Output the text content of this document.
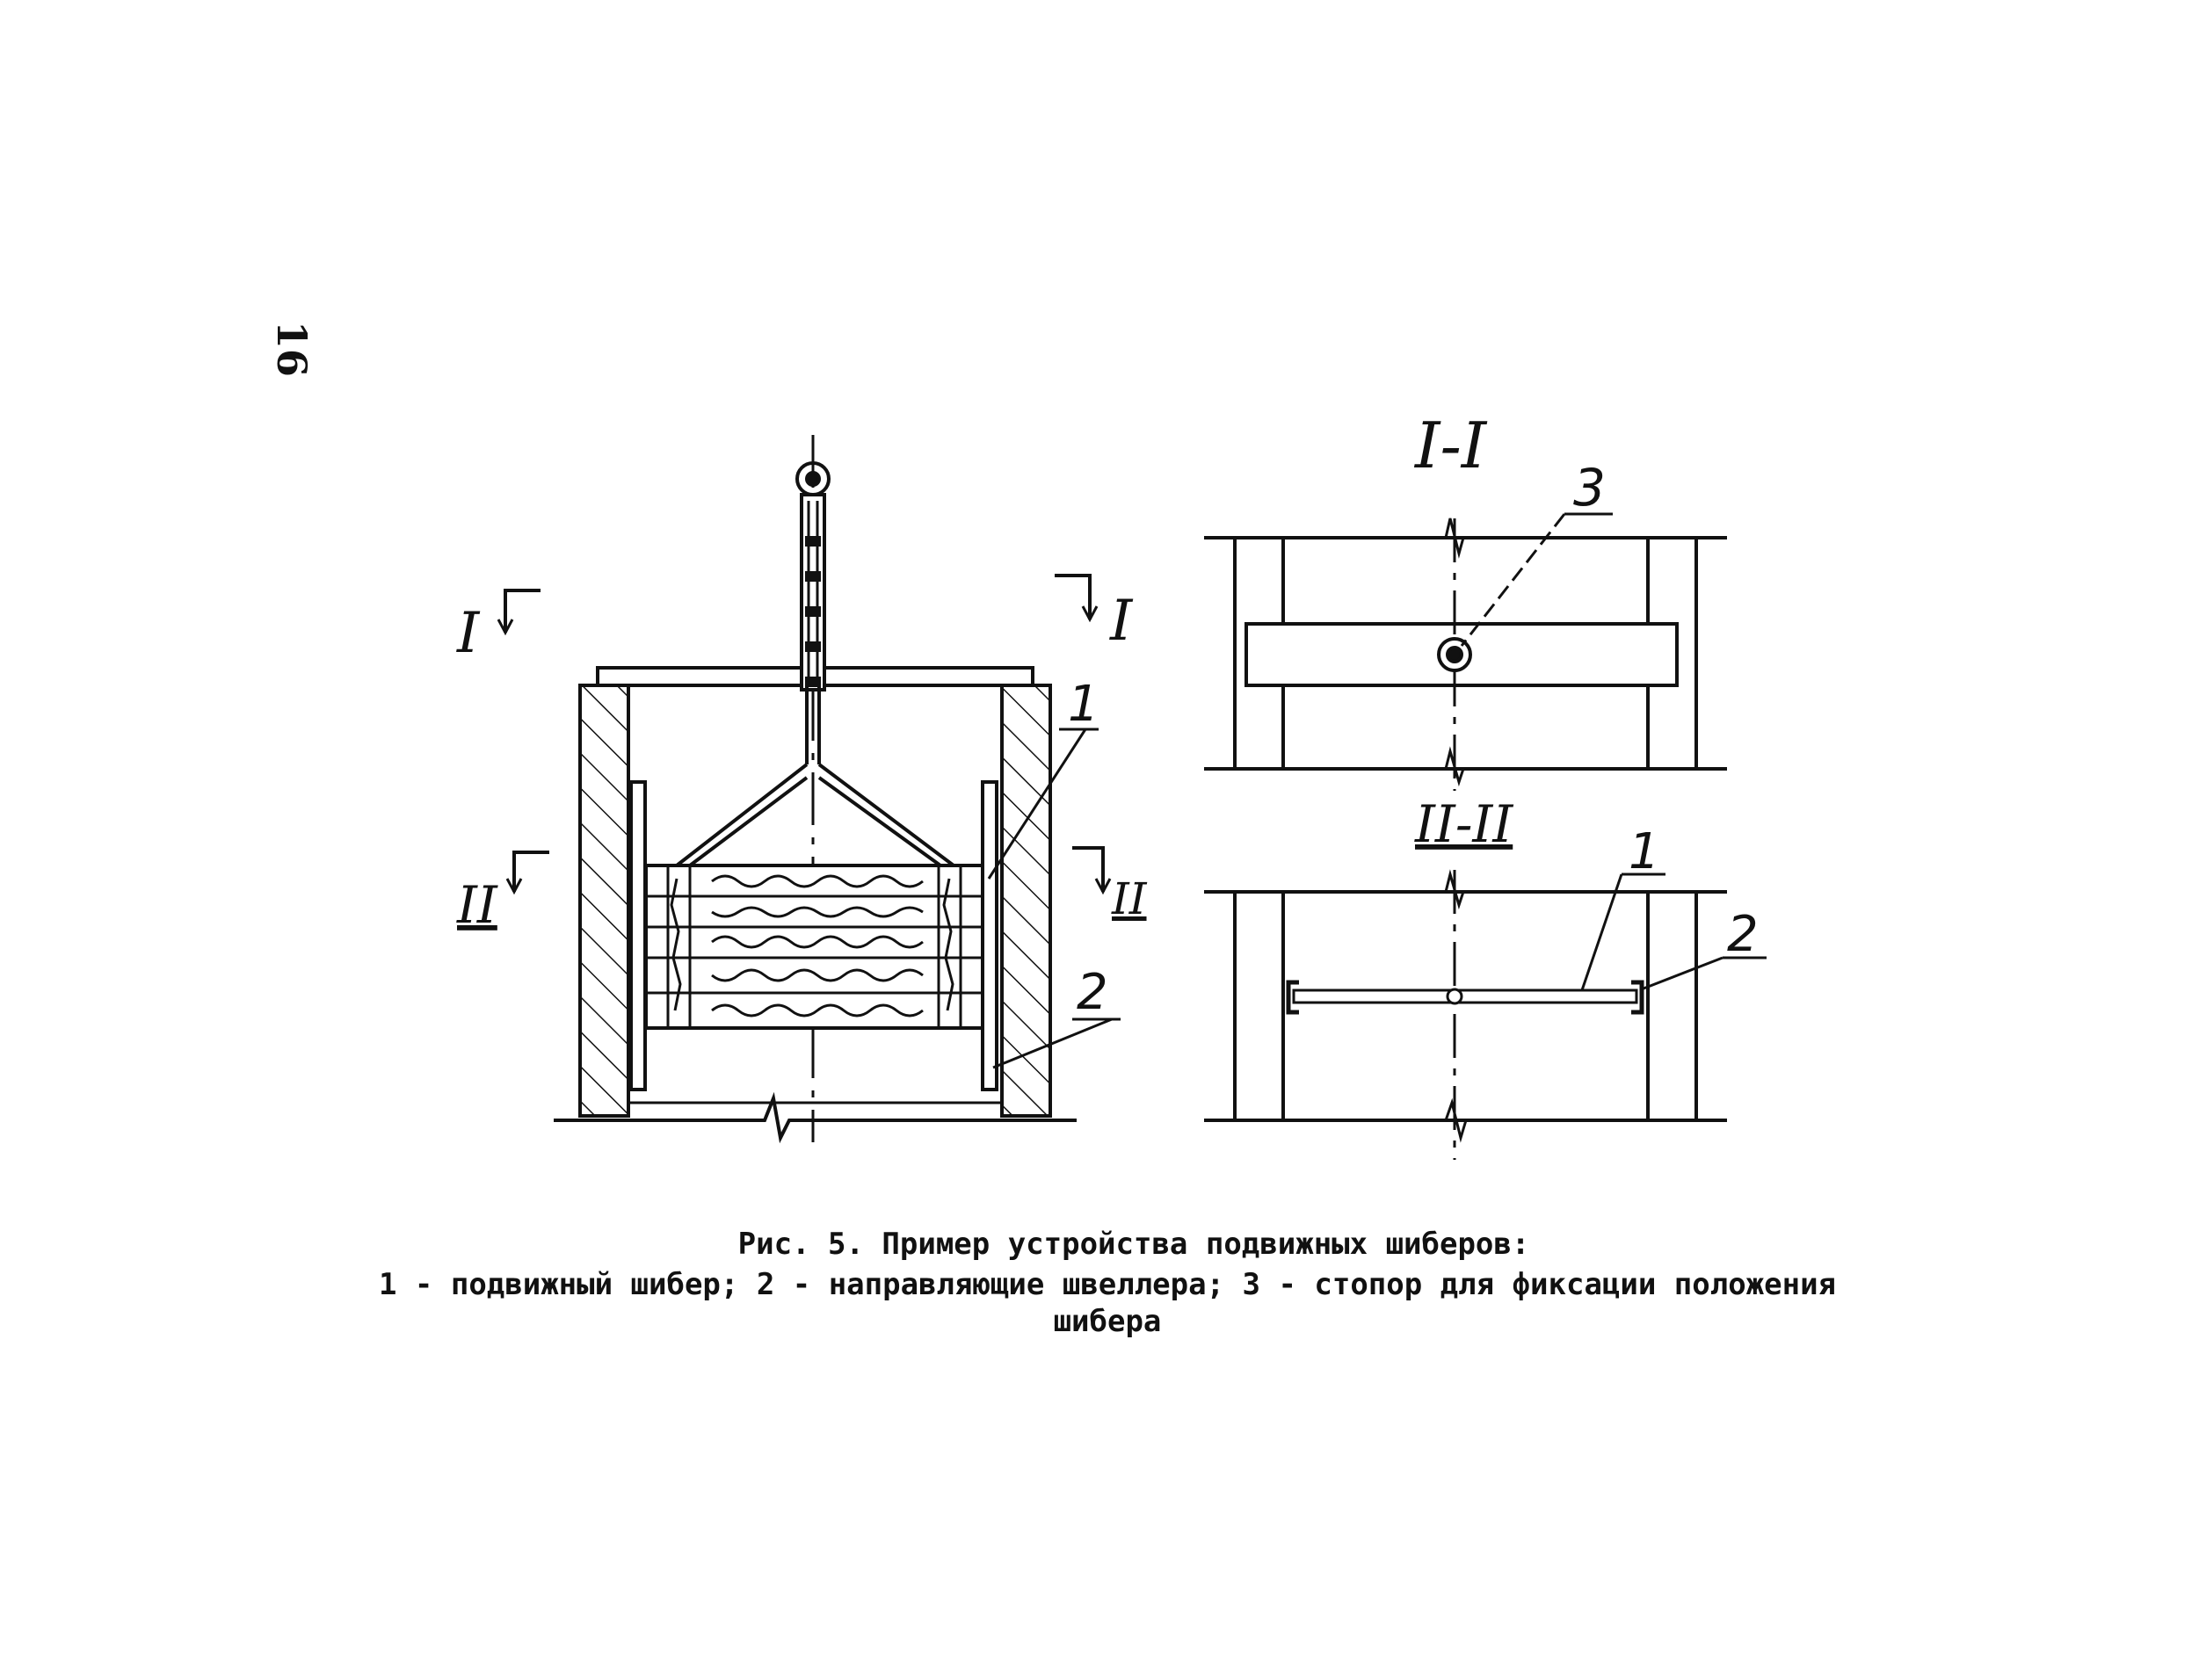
16
I	I
II	II
1
2
I-I
3
II-II 1
2
Рис. 5. Пример устройства подвижных шиберов:
1 - подвижный шибер; 2 - направляющие швеллера; 3 - стопор для фиксации положения шибера
